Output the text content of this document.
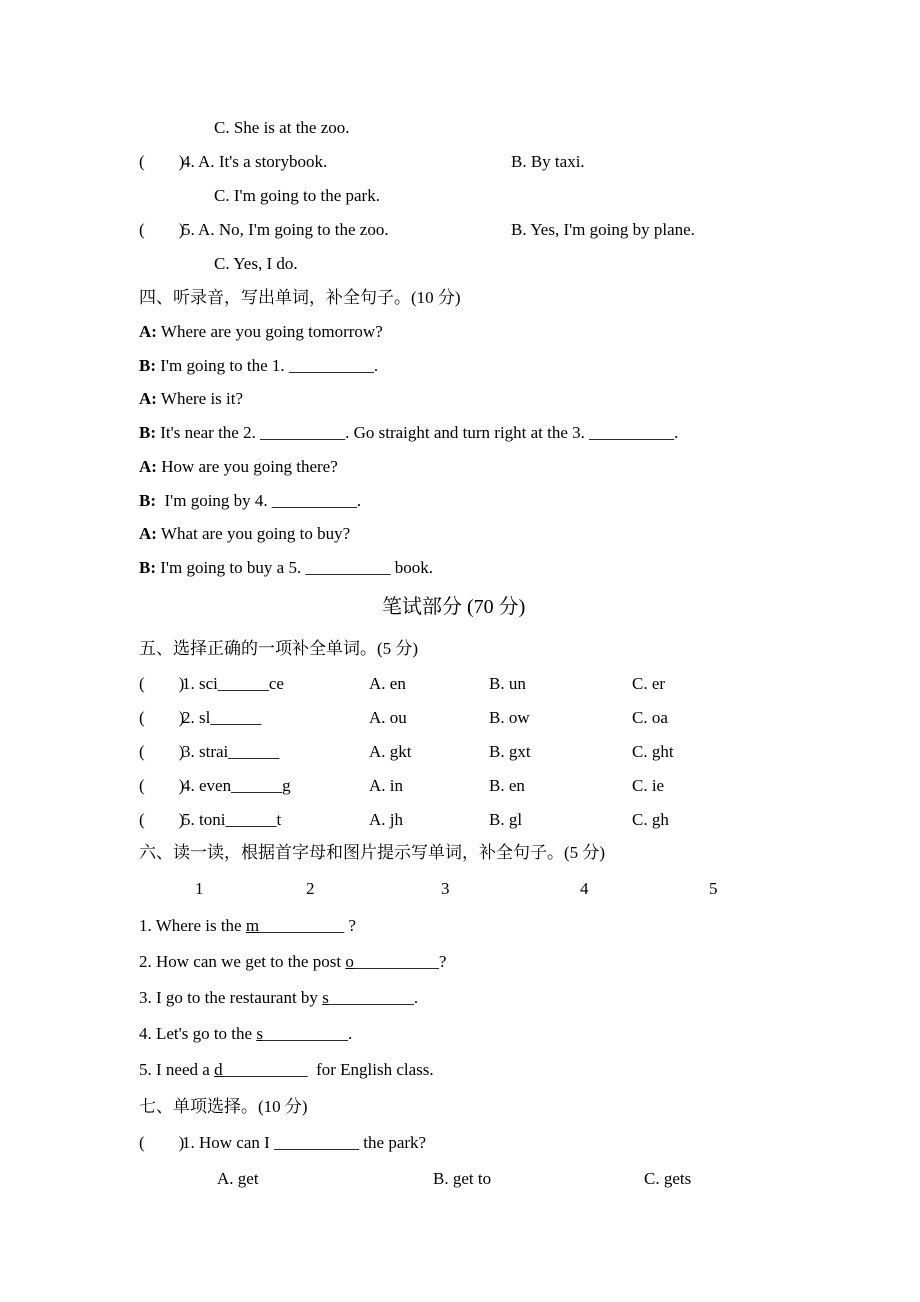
C. She is at the zoo.
(        )
4. A. It's a storybook.	B. By taxi.
C. I'm going to the park.
(        )
5. A. No, I'm going to the zoo.	B. Yes, I'm going by plane.
C. Yes, I do.
四、听录音，写出单词，补全句子。(10 分)
A: Where are you going tomorrow?
B: I'm going to the 1. __________.
A: Where is it?
B: It's near the 2. __________. Go straight and turn right at the 3. __________.
A: How are you going there?
B:  I'm going by 4. __________.
A: What are you going to buy?
B: I'm going to buy a 5. __________ book.
笔试部分 (70 分)
五、选择正确的一项补全单词。(5 分)
(        )
1. sci______ce	A. en	B. un	C. er
(        )
2. sl______	A. ou	B. ow	C. oa
(        )
3. strai______	A. gkt	B. gxt	C. ght
(        )
4. even______g	A. in	B. en	C. ie
(        )
5. toni______t	A. jh	B. gl	C. gh
六、读一读，根据首字母和图片提示写单词，补全句子。(5 分)
1	2	3	4	5
1. Where is the m__________ ?
2. How can we get to the post o__________?
3. I go to the restaurant by s__________.
4. Let's go to the s__________.
5. I need a d__________  for English class.
七、单项选择。(10 分)
(        )
1. How can I __________ the park?
A. get	B. get to	C. gets
